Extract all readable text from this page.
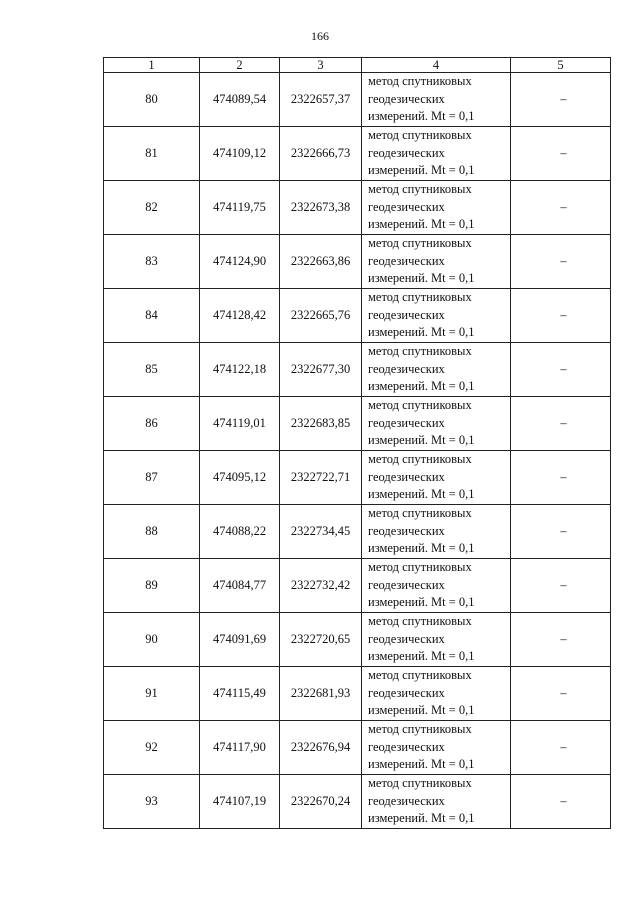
166
1	2	3	4	5
80	474089,54	2322657,37	метод спутниковых
геодезических
измерений. Mt = 0,1	–
81	474109,12	2322666,73	метод спутниковых
геодезических
измерений. Mt = 0,1	–
82	474119,75	2322673,38	метод спутниковых
геодезических
измерений. Mt = 0,1	–
83	474124,90	2322663,86	метод спутниковых
геодезических
измерений. Mt = 0,1	–
84	474128,42	2322665,76	метод спутниковых
геодезических
измерений. Mt = 0,1	–
85	474122,18	2322677,30	метод спутниковых
геодезических
измерений. Mt = 0,1	–
86	474119,01	2322683,85	метод спутниковых
геодезических
измерений. Mt = 0,1	–
87	474095,12	2322722,71	метод спутниковых
геодезических
измерений. Mt = 0,1	–
88	474088,22	2322734,45	метод спутниковых
геодезических
измерений. Mt = 0,1	–
89	474084,77	2322732,42	метод спутниковых
геодезических
измерений. Mt = 0,1	–
90	474091,69	2322720,65	метод спутниковых
геодезических
измерений. Mt = 0,1	–
91	474115,49	2322681,93	метод спутниковых
геодезических
измерений. Mt = 0,1	–
92	474117,90	2322676,94	метод спутниковых
геодезических
измерений. Mt = 0,1	–
93	474107,19	2322670,24	метод спутниковых
геодезических
измерений. Mt = 0,1	–
